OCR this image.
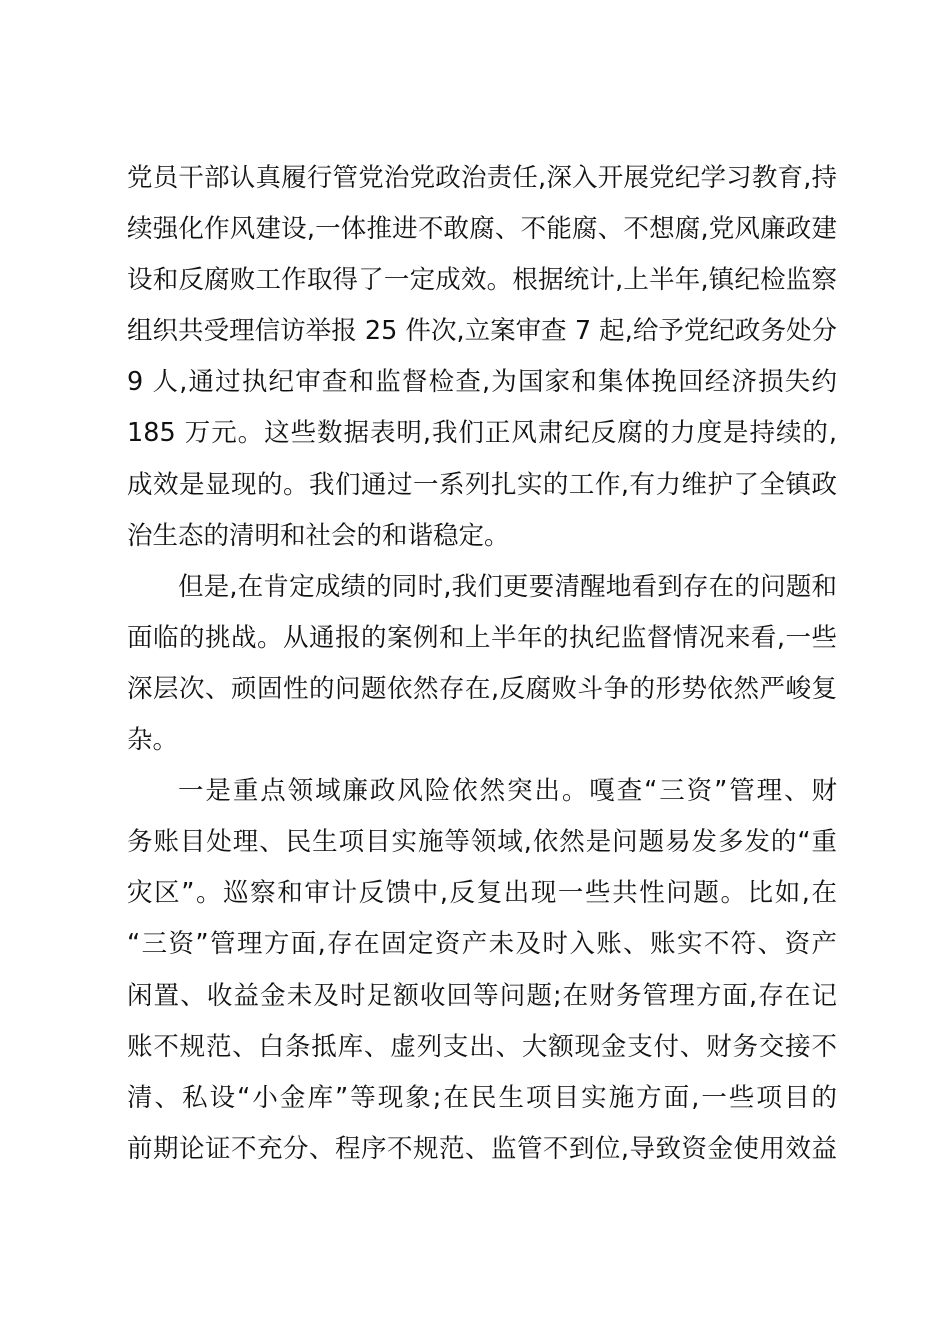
党员干部认真履行管党治党政治责任,深入开展党纪学习教育,持
续强化作风建设,一体推进不敢腐、不能腐、不想腐,党风廉政建
设和反腐败工作取得了一定成效。根据统计,上半年,镇纪检监察
组织共受理信访举报 25 件次,立案审查 7 起,给予党纪政务处分
9 人,通过执纪审查和监督检查,为国家和集体挽回经济损失约
185 万元。这些数据表明,我们正风肃纪反腐的力度是持续的,
成效是显现的。我们通过一系列扎实的工作,有力维护了全镇政
治生态的清明和社会的和谐稳定。
但是,在肯定成绩的同时,我们更要清醒地看到存在的问题和
面临的挑战。从通报的案例和上半年的执纪监督情况来看,一些
深层次、顽固性的问题依然存在,反腐败斗争的形势依然严峻复
杂。
一是重点领域廉政风险依然突出。嘎查“三资”管理、财
务账目处理、民生项目实施等领域,依然是问题易发多发的“重
灾区”。巡察和审计反馈中,反复出现一些共性问题。比如,在
“三资”管理方面,存在固定资产未及时入账、账实不符、资产
闲置、收益金未及时足额收回等问题;在财务管理方面,存在记
账不规范、白条抵库、虚列支出、大额现金支付、财务交接不
清、私设“小金库”等现象;在民生项目实施方面,一些项目的
前期论证不充分、程序不规范、监管不到位,导致资金使用效益
